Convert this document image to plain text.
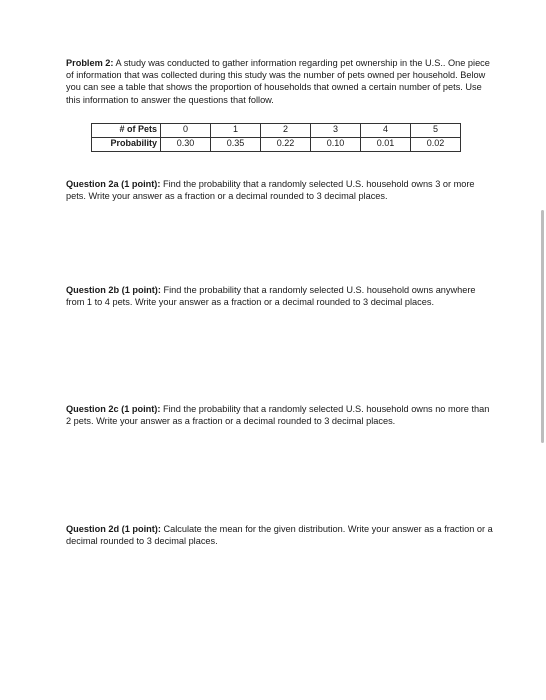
Problem 2: A study was conducted to gather information regarding pet ownership in the U.S.. One piece of information that was collected during this study was the number of pets owned per household. Below you can see a table that shows the proportion of households that owned a certain number of pets. Use this information to answer the questions that follow.
# of Pets	0	1	2	3	4	5
Probability	0.30	0.35	0.22	0.10	0.01	0.02
Question 2a (1 point): Find the probability that a randomly selected U.S. household owns 3 or more pets. Write your answer as a fraction or a decimal rounded to 3 decimal places.
Question 2b (1 point): Find the probability that a randomly selected U.S. household owns anywhere from 1 to 4 pets. Write your answer as a fraction or a decimal rounded to 3 decimal places.
Question 2c (1 point): Find the probability that a randomly selected U.S. household owns no more than 2 pets. Write your answer as a fraction or a decimal rounded to 3 decimal places.
Question 2d (1 point): Calculate the mean for the given distribution. Write your answer as a fraction or a decimal rounded to 3 decimal places.
